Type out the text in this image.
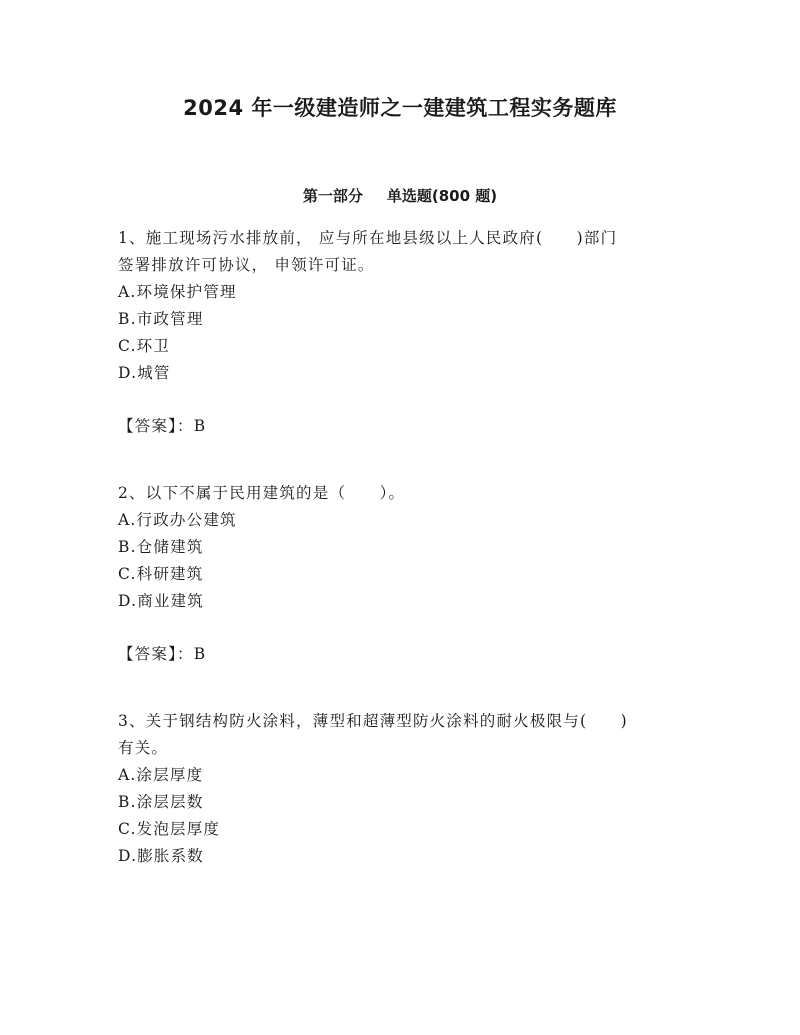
2024 年一级建造师之一建建筑工程实务题库
第一部分 单选题(800 题)

1、施工现场污水排放前， 应与所在地县级以上人民政府(　　)部门

签署排放许可协议， 申领许可证。

A.环境保护管理

B.市政管理

C.环卫

D.城管

【答案】：B

2、以下不属于民用建筑的是（　　）。

A.行政办公建筑

B.仓储建筑

C.科研建筑

D.商业建筑

【答案】：B

3、关于钢结构防火涂料，薄型和超薄型防火涂料的耐火极限与(　　)

有关。

A.涂层厚度

B.涂层层数

C.发泡层厚度

D.膨胀系数
